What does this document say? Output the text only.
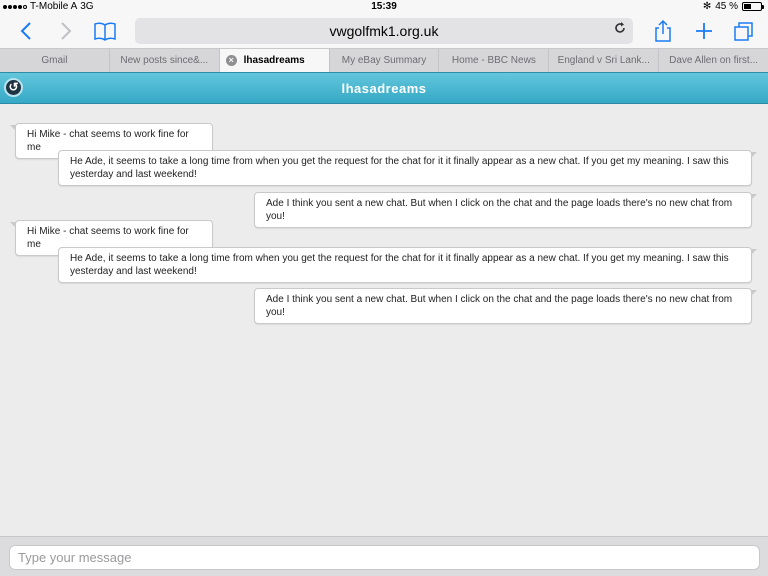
T-Mobile A 3G	15:39	✻ 45 %
vwgolfmk1.org.uk
Gmail	New posts since&...	× lhasadreams	My eBay Summary	Home - BBC News England v Sri Lank... Dave Allen on first...
↺	lhasadreams
Hi Mike - chat seems to work fine for me
He Ade, it seems to take a long time from when you get the request for the chat for it it finally appear as a new chat. If you get my meaning. I saw this yesterday and last weekend!
Ade I think you sent a new chat. But when I click on the chat and the page loads there's no new chat from you!
Hi Mike - chat seems to work fine for me
He Ade, it seems to take a long time from when you get the request for the chat for it it finally appear as a new chat. If you get my meaning. I saw this yesterday and last weekend!
Ade I think you sent a new chat. But when I click on the chat and the page loads there's no new chat from you!
Type your message
